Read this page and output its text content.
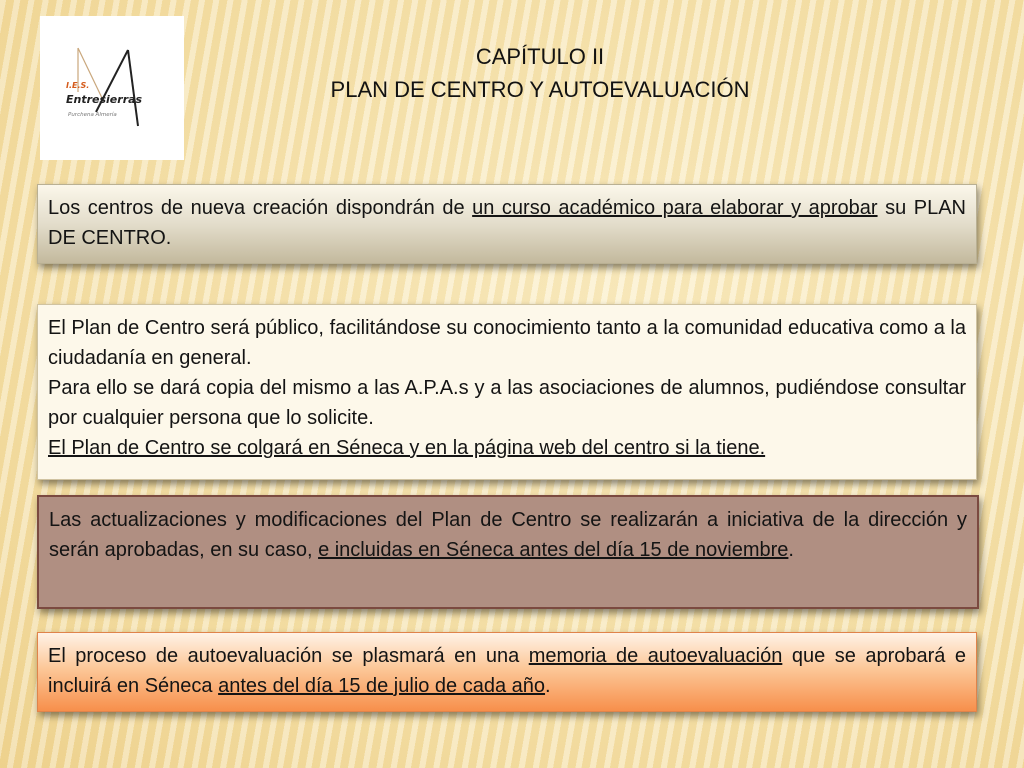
I.E.S.
Entresierras
Purchena Almería
CAPÍTULO II
PLAN DE CENTRO Y AUTOEVALUACIÓN

Los centros de nueva creación dispondrán de un curso académico para elaborar y aprobar su PLAN DE CENTRO.

El Plan de Centro será público, facilitándose su conocimiento tanto a la comunidad educativa como a la ciudadanía en general.

Para ello se dará copia del mismo a las A.P.A.s y a las asociaciones de alumnos, pudiéndose consultar por cualquier persona que lo solicite.

El Plan de Centro se colgará en Séneca y en la página web del centro si la tiene.

Las actualizaciones y modificaciones del Plan de Centro se realizarán a iniciativa de la dirección y serán aprobadas, en su caso, e incluidas en Séneca antes del día 15 de noviembre.

El proceso de autoevaluación se plasmará en una memoria de autoevaluación que se aprobará e incluirá en Séneca antes del día 15 de julio de cada año.
